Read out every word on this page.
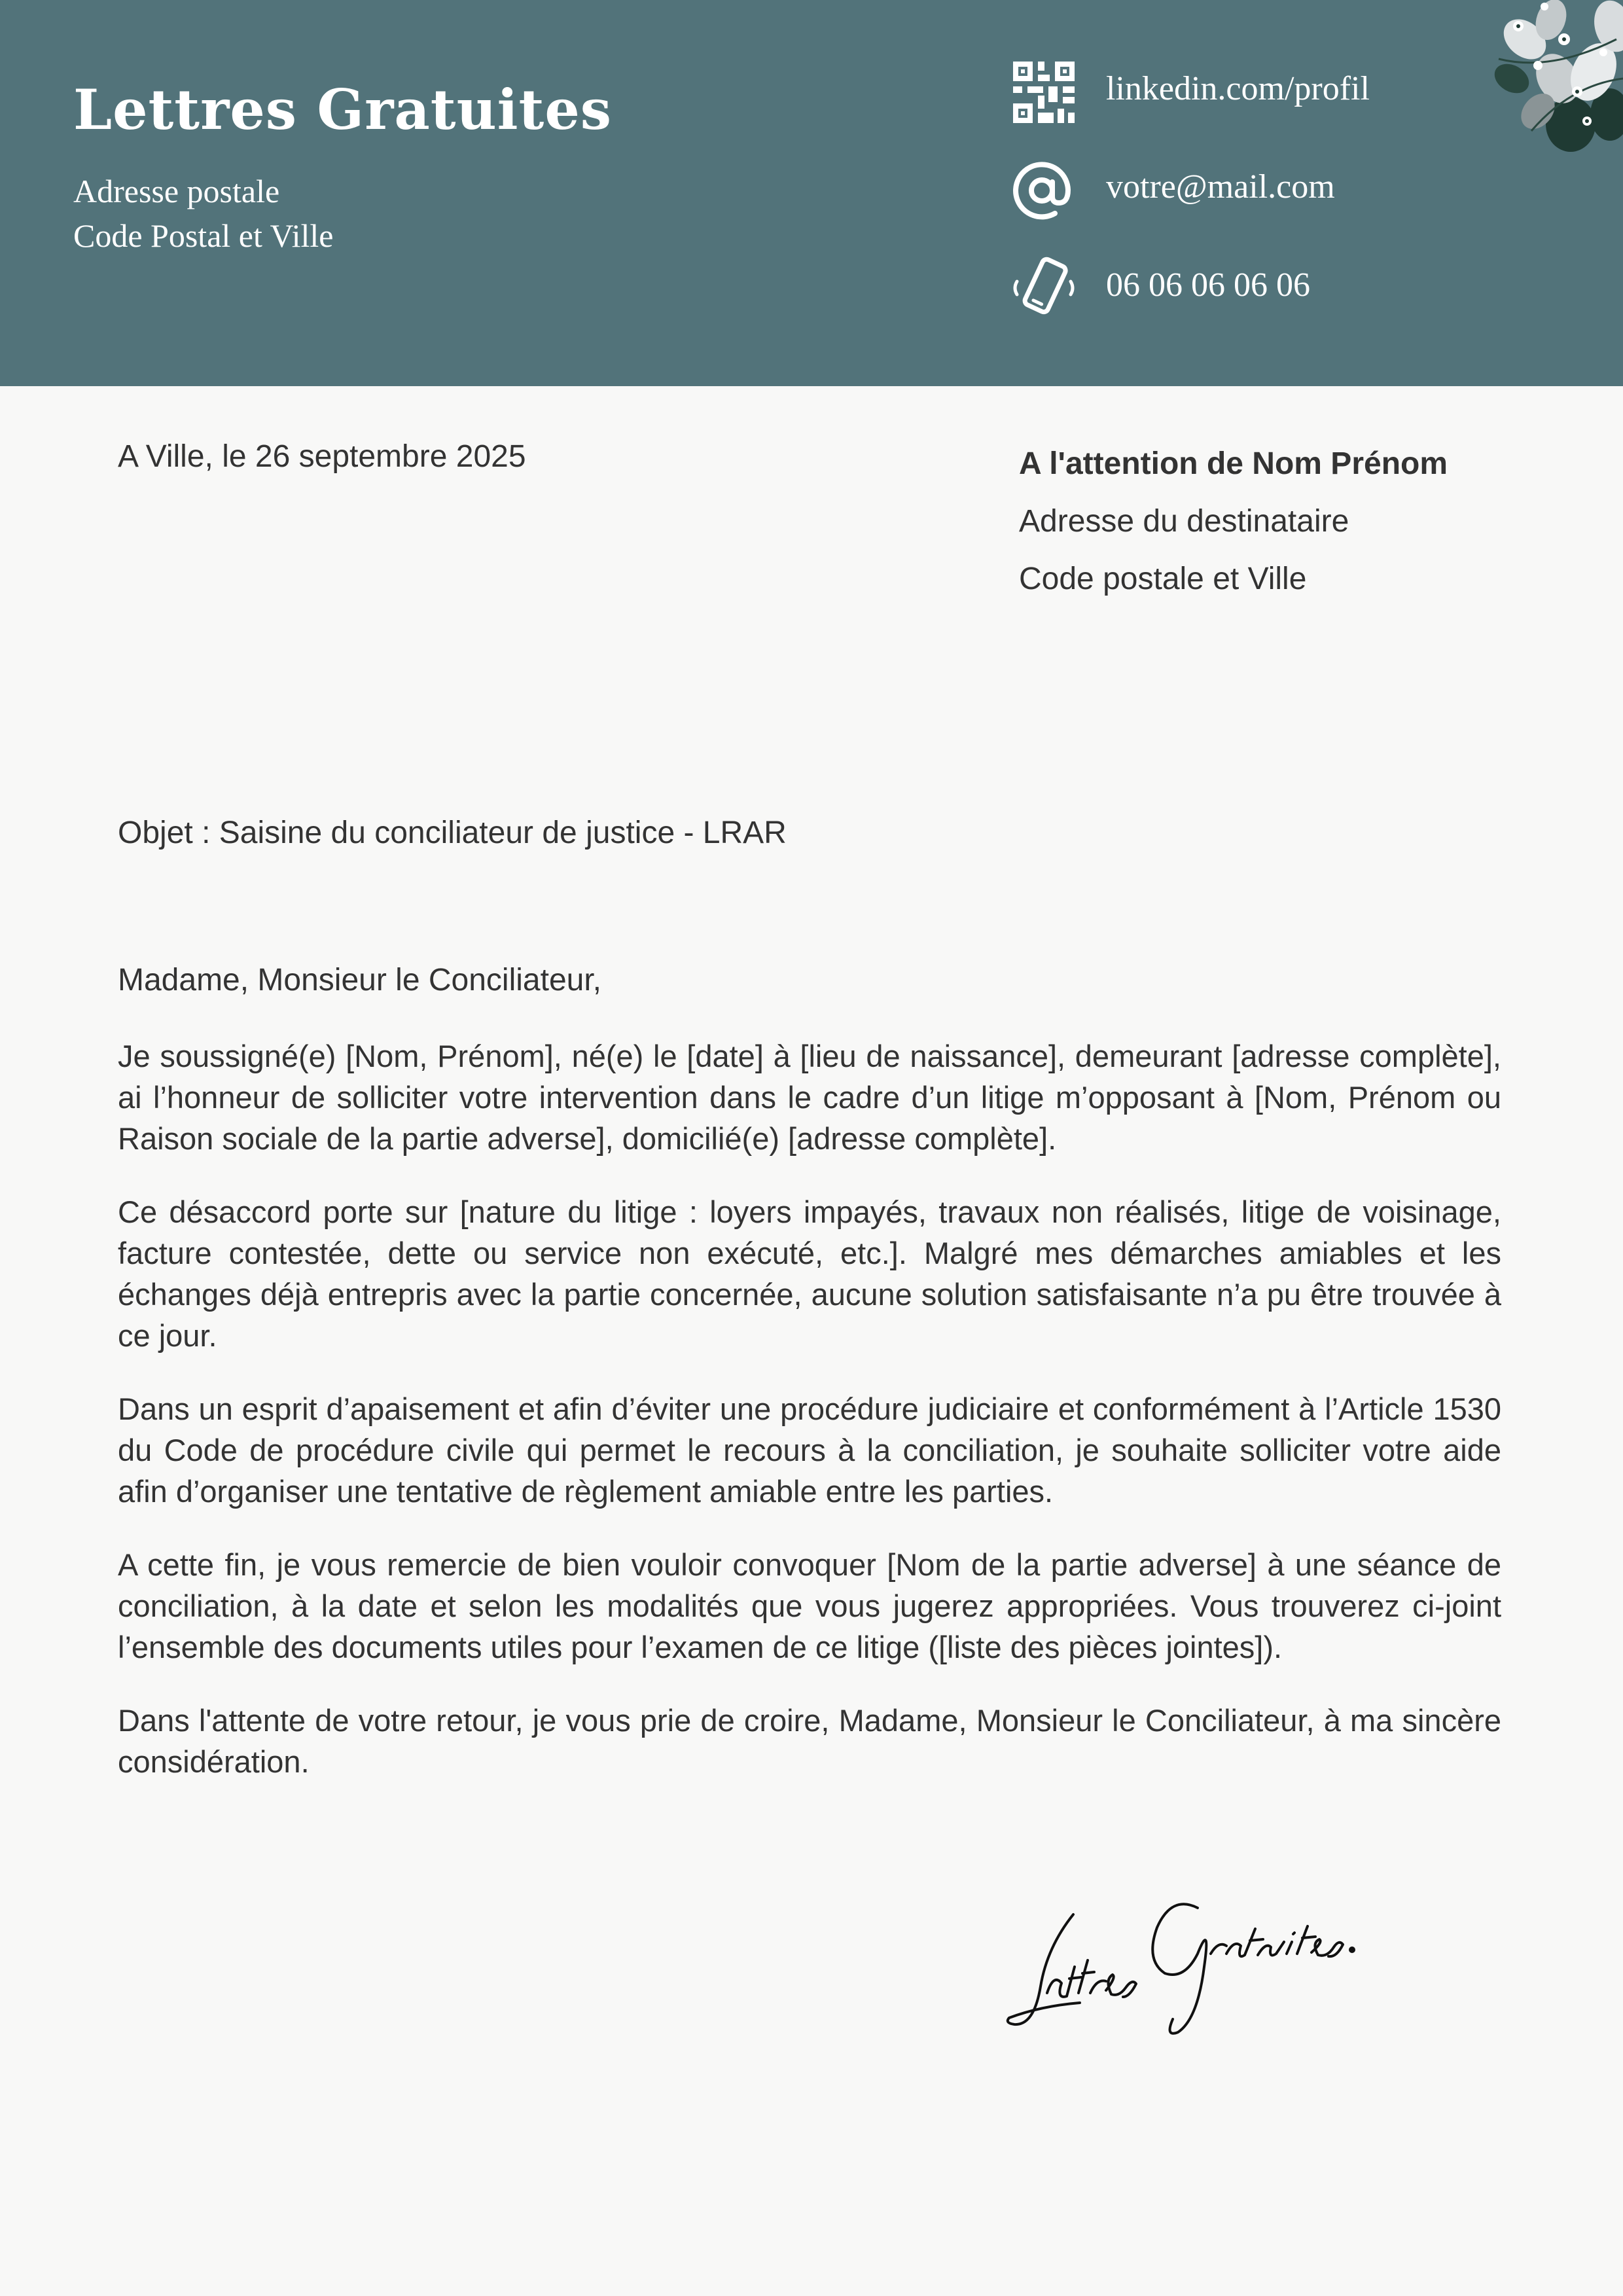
Lettres Gratuites
Adresse postale
Code Postal et Ville
linkedin.com/profil
votre@mail.com
06 06 06 06 06
A Ville, le 26 septembre 2025	A l'attention de Nom Prénom
Adresse du destinataire
Code postale et Ville
Objet : Saisine du conciliateur de justice - LRAR
Madame, Monsieur le Conciliateur,

Je soussigné(e) [Nom, Prénom], né(e) le [date] à [lieu de naissance], demeurant [adresse complète], ai l’honneur de solliciter votre intervention dans le cadre d’un litige m’opposant à [Nom, Prénom ou Raison sociale de la partie adverse], domicilié(e) [adresse complète].

Ce désaccord porte sur [nature du litige : loyers impayés, travaux non réalisés, litige de voisinage, facture contestée, dette ou service non exécuté, etc.]. Malgré mes démarches amiables et les échanges déjà entrepris avec la partie concernée, aucune solution satisfaisante n’a pu être trouvée à ce jour.

Dans un esprit d’apaisement et afin d’éviter une procédure judiciaire et conformément à l’Article 1530 du Code de procédure civile qui permet le recours à la conciliation, je souhaite solliciter votre aide afin d’organiser une tentative de règlement amiable entre les parties.

A cette fin, je vous remercie de bien vouloir convoquer [Nom de la partie adverse] à une séance de conciliation, à la date et selon les modalités que vous jugerez appropriées. Vous trouverez ci-joint l’ensemble des documents utiles pour l’examen de ce litige ([liste des pièces jointes]).

Dans l'attente de votre retour, je vous prie de croire, Madame, Monsieur le Conciliateur, à ma sincère considération.
